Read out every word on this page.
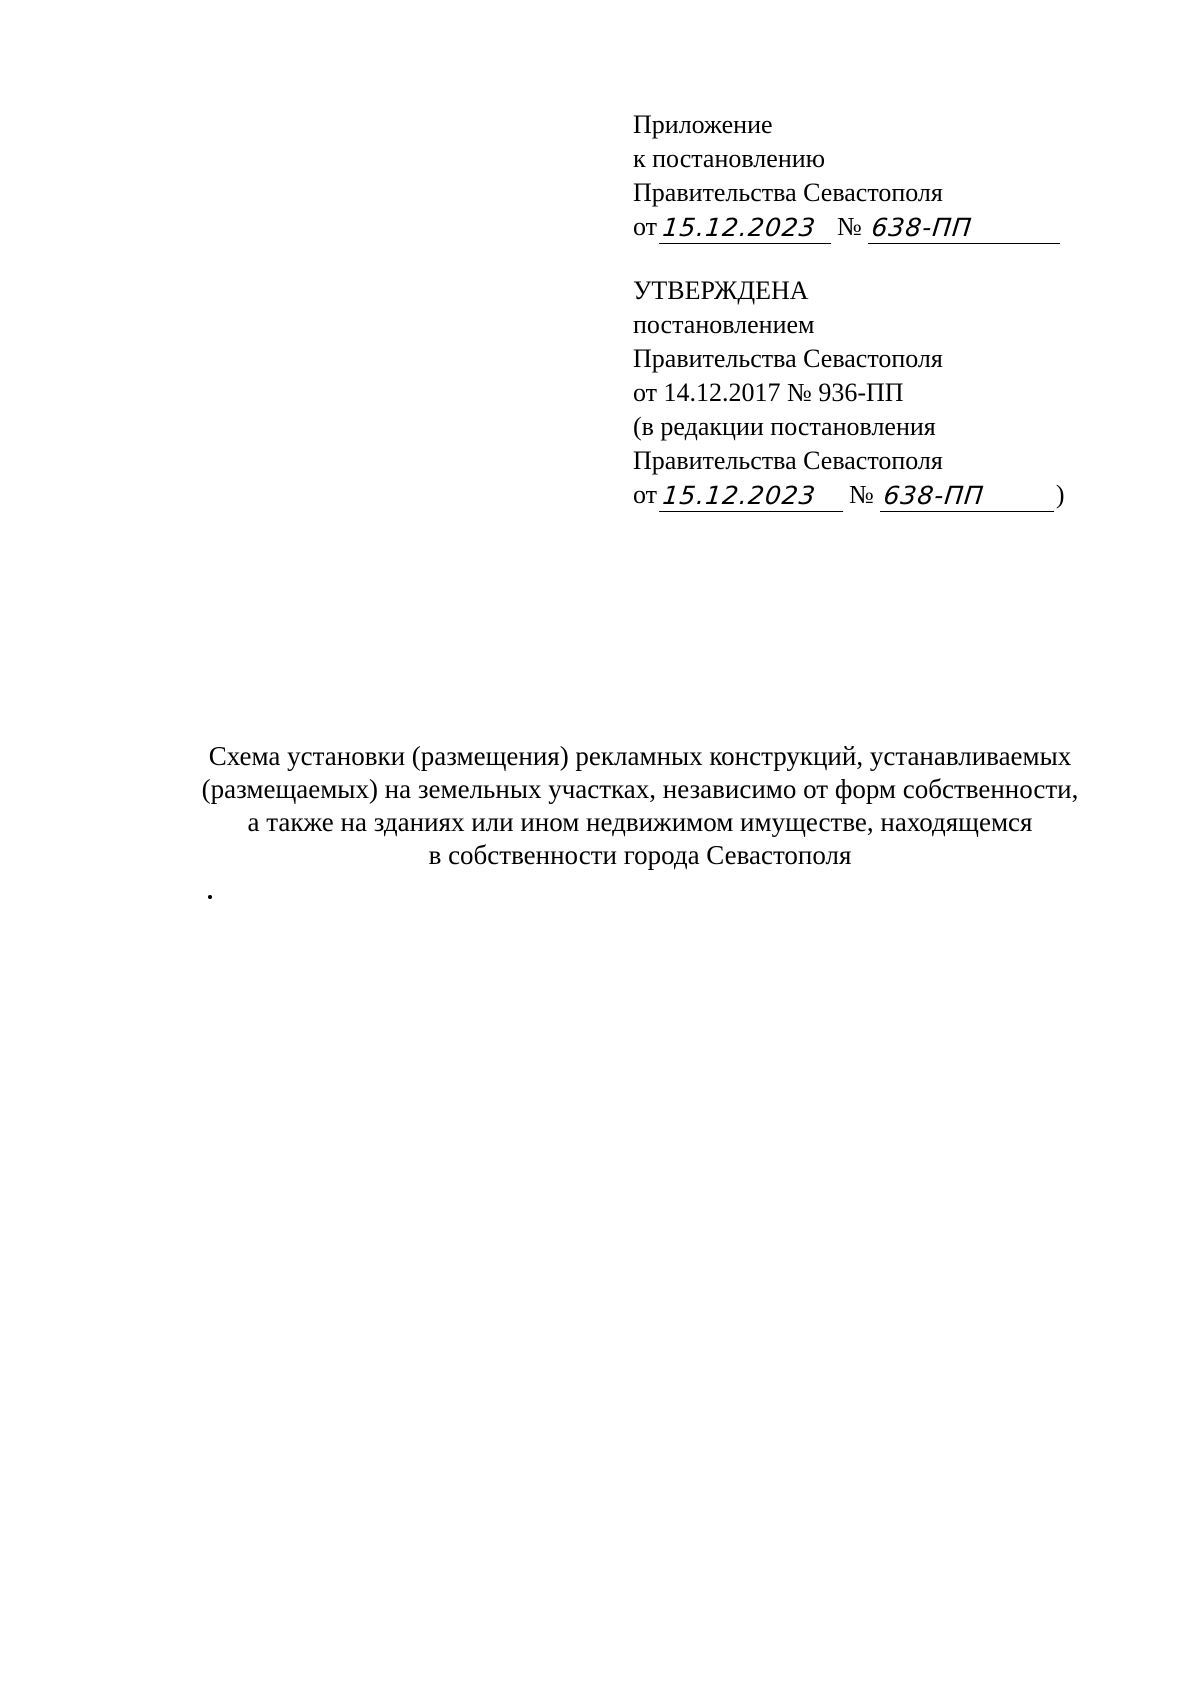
Приложение
к постановлению
Правительства Севастополя
от 15.12.2023 № 638-ПП
УТВЕРЖДЕНА
постановлением
Правительства Севастополя
от 14.12.2017 № 936-ПП
(в редакции постановления
Правительства Севастополя
от 15.12.2023	№ 638-ПП	)
Схема установки (размещения) рекламных конструкций, устанавливаемых
(размещаемых) на земельных участках, независимо от форм собственности,
а также на зданиях или ином недвижимом имуществе, находящемся
в собственности города Севастополя
